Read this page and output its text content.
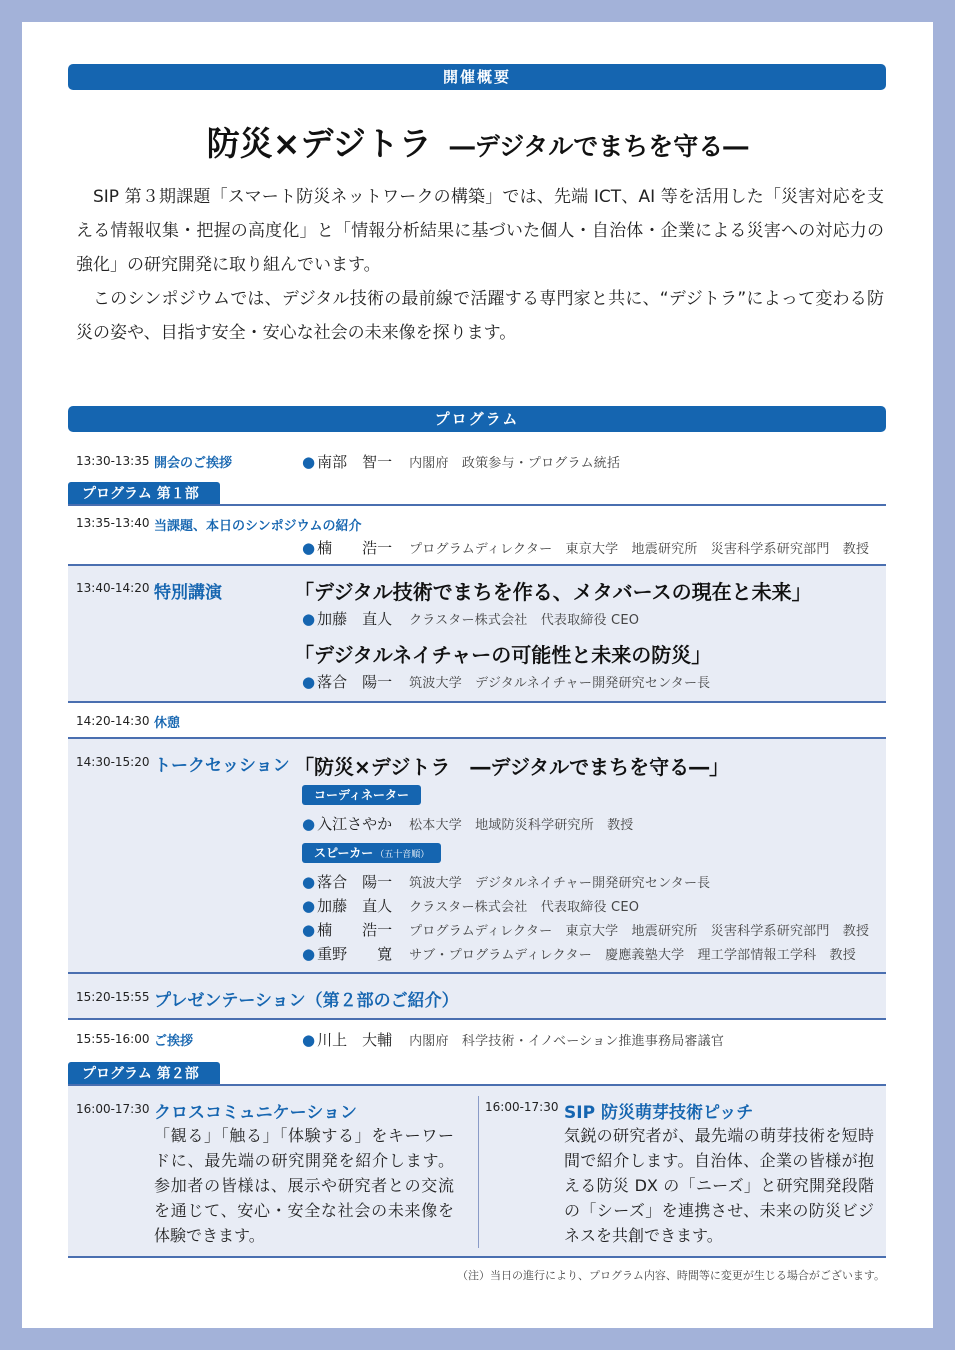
開催概要
防災×デジトラ ―デジタルでまちを守る―

SIP 第３期課題「スマート防災ネットワークの構築」では、先端 ICT、AI 等を活用した「災害対応を支える情報収集・把握の高度化」と「情報分析結果に基づいた個人・自治体・企業による災害への対応力の強化」の研究開発に取り組んでいます。

このシンポジウムでは、デジタル技術の最前線で活躍する専門家と共に、“デジトラ”によって変わる防災の姿や、目指す安全・安心な社会の未来像を探ります。

プログラム
13:30-13:35 開会のご挨拶	● 南部　智一 内閣府　政策参与・プログラム統括
プログラム 第１部
13:35-13:40 当課題、本日のシンポジウムの紹介
● 楠　　浩一 プログラムディレクター　東京大学　地震研究所　災害科学系研究部門　教授
13:40-14:20 特別講演	「デジタル技術でまちを作る、メタバースの現在と未来」
● 加藤　直人 クラスター株式会社　代表取締役 CEO
「デジタルネイチャーの可能性と未来の防災」
● 落合　陽一 筑波大学　デジタルネイチャー開発研究センター長
14:20-14:30 休憩
14:30-15:20 トークセッション 「防災×デジトラ　―デジタルでまちを守る―」
コーディネーター
● 入江さやか 松本大学　地域防災科学研究所　教授
スピーカー （五十音順）
● 落合　陽一 筑波大学　デジタルネイチャー開発研究センター長
● 加藤　直人 クラスター株式会社　代表取締役 CEO
● 楠　　浩一 プログラムディレクター　東京大学　地震研究所　災害科学系研究部門　教授
● 重野　　寛 サブ・プログラムディレクター　慶應義塾大学　理工学部情報工学科　教授
15:20-15:55 プレゼンテーション（第２部のご紹介）
15:55-16:00 ご挨拶	● 川上　大輔 内閣府　科学技術・イノベーション推進事務局審議官
プログラム 第２部
16:00-17:30 クロスコミュニケーション
「観る」「触る」「体験する」をキーワードに、最先端の研究開発を紹介します。参加者の皆様は、展示や研究者との交流を通じて、安心・安全な社会の未来像を体験できます。
16:00-17:30 SIP 防災萌芽技術ピッチ
気鋭の研究者が、最先端の萌芽技術を短時間で紹介します。自治体、企業の皆様が抱える防災 DX の「ニーズ」と研究開発段階の「シーズ」を連携させ、未来の防災ビジネスを共創できます。
（注）当日の進行により、プログラム内容、時間等に変更が生じる場合がございます。
